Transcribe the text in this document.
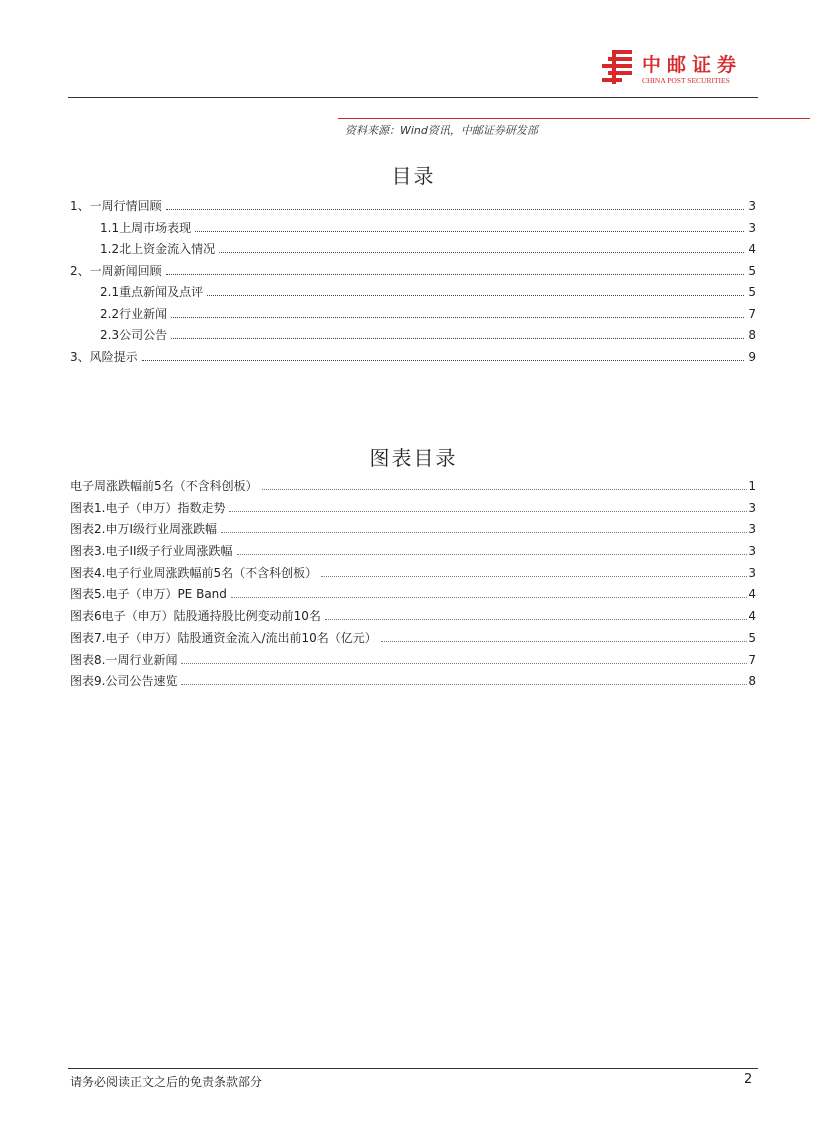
中邮证券
CHINA POST SECURITIES
资料来源：Wind资讯，中邮证券研发部
目录
1、一周行情回顾	3
1.1上周市场表现	3
1.2北上资金流入情况	4
2、一周新闻回顾	5
2.1重点新闻及点评	5
2.2行业新闻	7
2.3公司公告	8
3、风险提示	9
图表目录
电子周涨跌幅前5名（不含科创板）	1
图表1.电子（申万）指数走势	3
图表2.申万I级行业周涨跌幅	3
图表3.电子II级子行业周涨跌幅	3
图表4.电子行业周涨跌幅前5名（不含科创板）	3
图表5.电子（申万）PE Band	4
图表6电子（申万）陆股通持股比例变动前10名	4
图表7.电子（申万）陆股通资金流入/流出前10名（亿元）	5
图表8.一周行业新闻	7
图表9.公司公告速览	8
请务必阅读正文之后的免责条款部分	2
